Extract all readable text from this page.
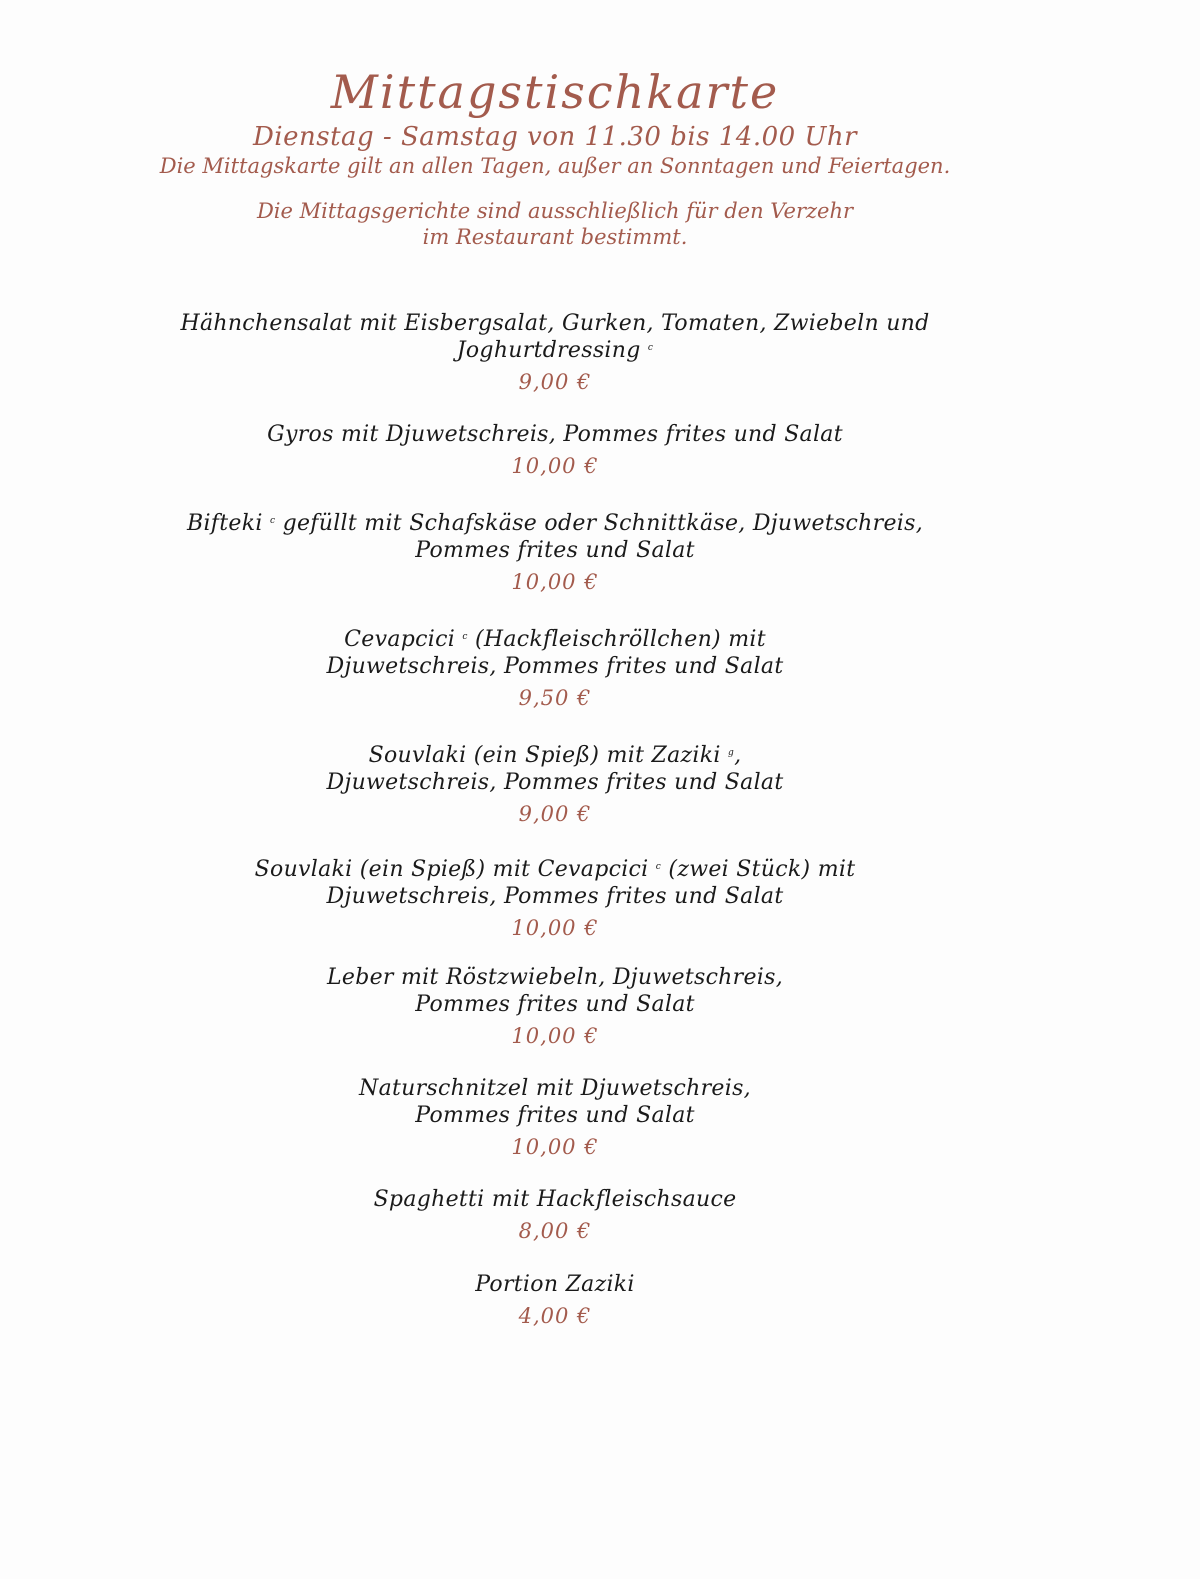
Mittagstischkarte
Dienstag - Samstag von 11.30 bis 14.00 Uhr
Die Mittagskarte gilt an allen Tagen, außer an Sonntagen und Feiertagen.
Die Mittagsgerichte sind ausschließlich für den Verzehr
im Restaurant bestimmt.
Hähnchensalat mit Eisbergsalat, Gurken, Tomaten, Zwiebeln und
Joghurtdressing $^c$
9,00 €
Gyros mit Djuwetschreis, Pommes frites und Salat
10,00 €
Bifteki $^c$ gefüllt mit Schafskäse oder Schnittkäse, Djuwetschreis,
Pommes frites und Salat
10,00 €
Cevapcici $^c$ (Hackfleischröllchen) mit
Djuwetschreis, Pommes frites und Salat
9,50 €
Souvlaki (ein Spieß) mit Zaziki $^g$,
Djuwetschreis, Pommes frites und Salat
9,00 €
Souvlaki (ein Spieß) mit Cevapcici $^c$ (zwei Stück) mit
Djuwetschreis, Pommes frites und Salat
10,00 €
Leber mit Röstzwiebeln, Djuwetschreis,
Pommes frites und Salat
10,00 €
Naturschnitzel mit Djuwetschreis,
Pommes frites und Salat
10,00 €
Spaghetti mit Hackfleischsauce
8,00 €
Portion Zaziki
4,00 €
